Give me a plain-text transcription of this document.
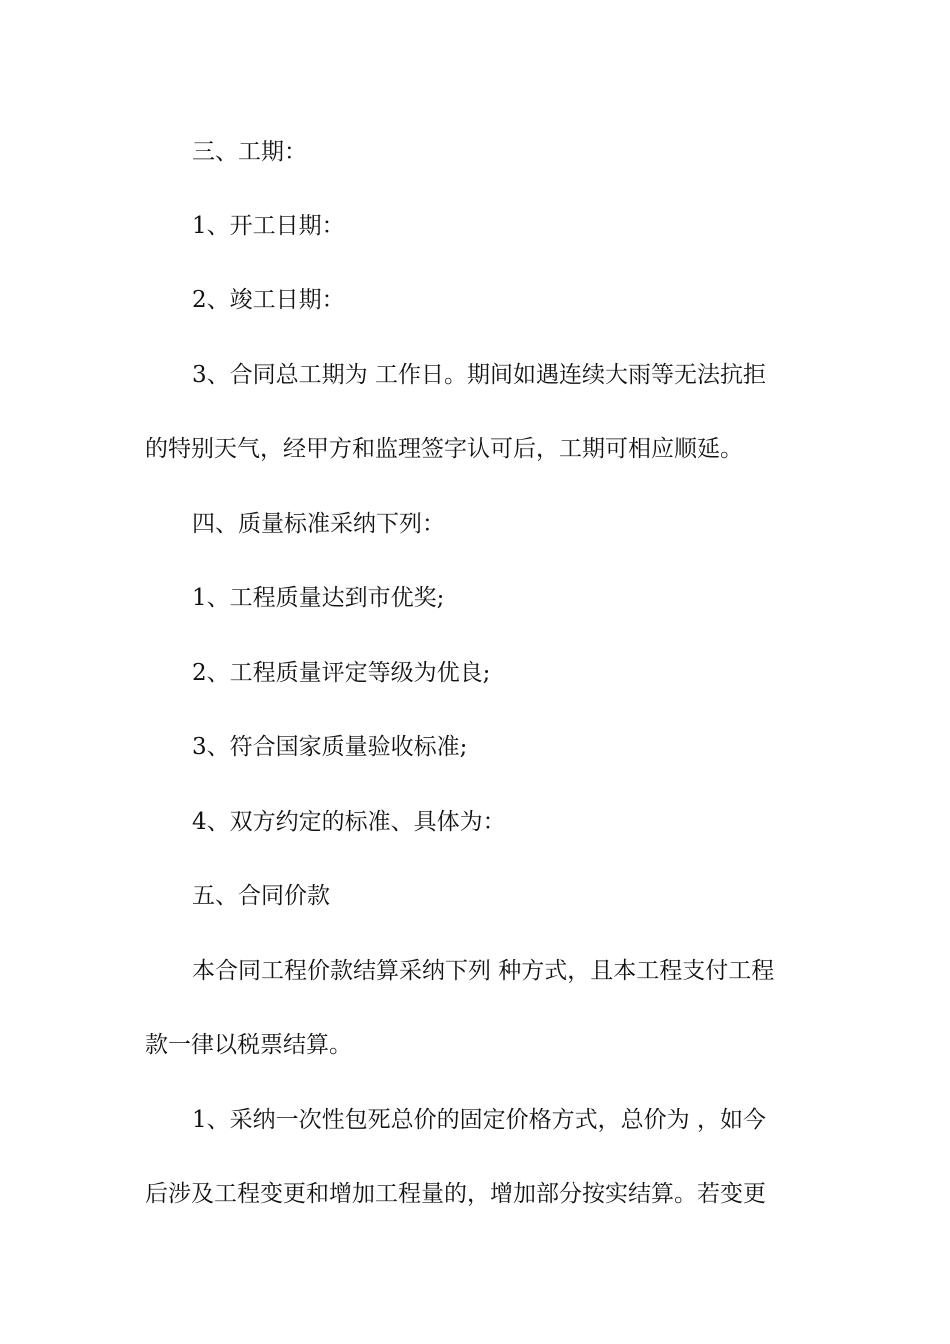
三、工期：
1、开工日期：
2、竣工日期：
3、合同总工期为 工作日。期间如遇连续大雨等无法抗拒
的特别天气，经甲方和监理签字认可后，工期可相应顺延。
四、质量标准采纳下列：
1、工程质量达到市优奖;
2、工程质量评定等级为优良;
3、符合国家质量验收标准;
4、双方约定的标准、具体为：
五、合同价款
本合同工程价款结算采纳下列 种方式，且本工程支付工程
款一律以税票结算。
1、采纳一次性包死总价的固定价格方式，总价为 ，如今
后涉及工程变更和增加工程量的，增加部分按实结算。若变更
